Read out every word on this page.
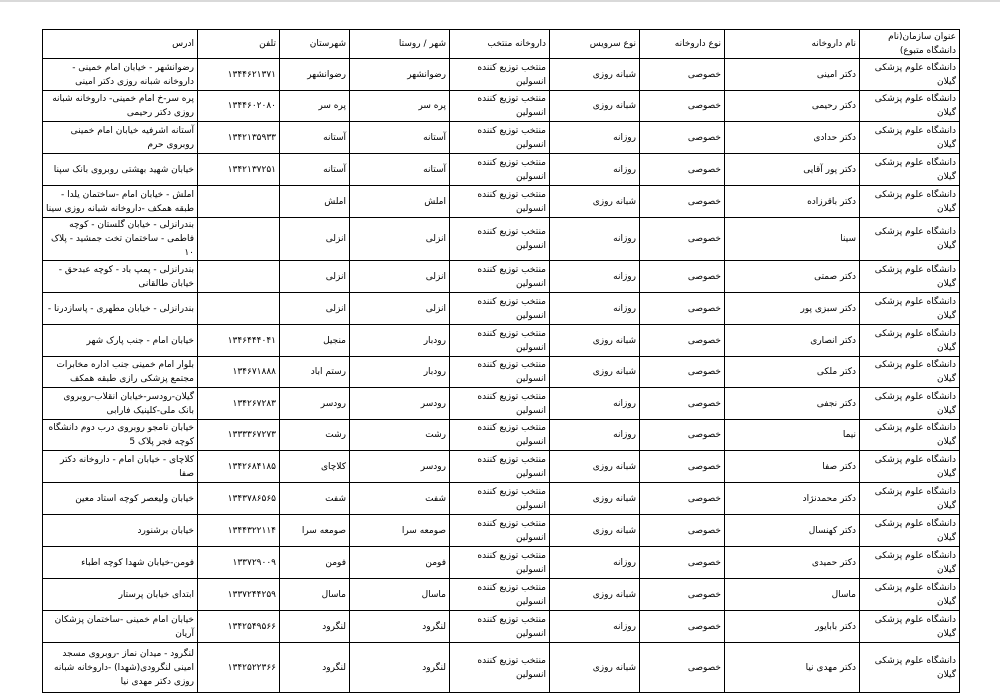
عنوان سازمان(نام دانشگاه متبوع)	نام داروخانه	نوع داروخانه	نوع سرویس	داروخانه منتخب	شهر / روستا	شهرستان	تلفن	ادرس
دانشگاه علوم پزشکی گیلان	دکتر امینی	خصوصی	شبانه روزی	منتخب توزیع کننده انسولین	رضوانشهر	رضوانشهر	۱۳۴۴۶۲۱۳۷۱	رضوانشهر - خیابان امام خمینی - داروخانه شبانه روزی دکتر امینی
دانشگاه علوم پزشکی گیلان	دکتر رحیمی	خصوصی	شبانه روزی	منتخب توزیع کننده انسولین	پره سر	پره سر	۱۳۴۴۶۰۲۰۸۰	پره سر-خ امام خمینی- داروخانه شبانه روزی دکتر رحیمی
دانشگاه علوم پزشکی گیلان	دکتر حدادی	خصوصی	روزانه	منتخب توزیع کننده انسولین	آستانه	آستانه	۱۳۴۲۱۳۵۹۳۳	آستانه اشرفیه خیابان امام خمینی روبروی حرم
دانشگاه علوم پزشکی گیلان	دکتر پور آقایی	خصوصی	روزانه	منتخب توزیع کننده انسولین	آستانه	آستانه	۱۳۴۲۱۳۷۲۵۱	خیابان شهید بهشتی روبروی بانک سپنا
دانشگاه علوم پزشکی گیلان	دکتر باقرزاده	خصوصی	شبانه روزی	منتخب توزیع کننده انسولین	املش	املش		املش - خیابان امام -ساختمان یلدا - طبقه همکف -داروخانه شبانه روزی سینا
دانشگاه علوم پزشکی گیلان	سینا	خصوصی	روزانه	منتخب توزیع کننده انسولین	انزلی	انزلی		بندرانزلی - خیابان گلستان - کوچه فاطمی - ساختمان تخت جمشید - پلاک ۱۰
دانشگاه علوم پزشکی گیلان	دکتر صمتی	خصوصی	روزانه	منتخب توزیع کننده انسولین	انزلی	انزلی		بندرانزلی - پمپ باد - کوچه عبدحق - خیابان طالقانی
دانشگاه علوم پزشکی گیلان	دکتر سبزی پور	خصوصی	روزانه	منتخب توزیع کننده انسولین	انزلی	انزلی		بندرانزلی - خیابان مطهری - پاسازدرنا -
دانشگاه علوم پزشکی گیلان	دکتر انصاری	خصوصی	شبانه روزی	منتخب توزیع کننده انسولین	رودبار	منجیل	۱۳۴۶۴۴۴۰۴۱	خیابان امام - جنب پارک شهر
دانشگاه علوم پزشکی گیلان	دکتر ملکی	خصوصی	شبانه روزی	منتخب توزیع کننده انسولین	رودبار	رستم اباد	۱۳۴۶۷۱۸۸۸	بلوار امام خمینی جنب اداره مخابرات مجتمع پزشکی رازی طبقه همکف
دانشگاه علوم پزشکی گیلان	دکتر نجفی	خصوصی	روزانه	منتخب توزیع کننده انسولین	رودسر	رودسر	۱۳۴۲۶۷۲۸۳	گیلان-رودسر-خیابان انقلاب-روبروی بانک ملی-کلینیک فارابی
دانشگاه علوم پزشکی گیلان	نیما	خصوصی	روزانه	منتخب توزیع کننده انسولین	رشت	رشت	۱۳۳۳۳۶۷۲۷۳	خیابان نامجو روبروی درب دوم دانشگاه کوچه فجر پلاک 5
دانشگاه علوم پزشکی گیلان	دکتر صفا	خصوصی	شبانه روزی	منتخب توزیع کننده انسولین	رودسر	کلاچای	۱۳۴۲۶۸۴۱۸۵	کلاچای - خیابان امام - داروخانه دکتر صفا
دانشگاه علوم پزشکی گیلان	دکتر محمدنژاد	خصوصی	شبانه روزی	منتخب توزیع کننده انسولین	شفت	شفت	۱۳۴۳۷۸۶۵۶۵	خیابان ولیعصر کوچه استاد معین
دانشگاه علوم پزشکی گیلان	دکتر کهنسال	خصوصی	شبانه روزی	منتخب توزیع کننده انسولین	صومعه سرا	صومعه سرا	۱۳۴۴۳۲۲۱۱۴	خیابان برشنورد
دانشگاه علوم پزشکی گیلان	دکتر حمیدی	خصوصی	روزانه	منتخب توزیع کننده انسولین	فومن	فومن	۱۳۳۷۲۹۰۰۹	فومن-خیابان شهدا کوچه اطباء
دانشگاه علوم پزشکی گیلان	ماسال	خصوصی	شبانه روزی	منتخب توزیع کننده انسولین	ماسال	ماسال	۱۳۳۷۲۴۴۲۵۹	ابتدای خیابان پرستار
دانشگاه علوم پزشکی گیلان	دکتر بابایور	خصوصی	روزانه	منتخب توزیع کننده انسولین	لنگرود	لنگرود	۱۳۴۲۵۴۹۵۶۶	خیابان امام خمینی -ساختمان پزشکان آریان
دانشگاه علوم پزشکی گیلان	دکتر مهدی نیا	خصوصی	شبانه روزی	منتخب توزیع کننده انسولین	لنگرود	لنگرود	۱۳۴۲۵۲۲۳۶۶	لنگرود - میدان نماز -روبروی مسجد امینی لنگرودی(شهدا) -داروخانه شبانه روزی دکتر مهدی نیا
